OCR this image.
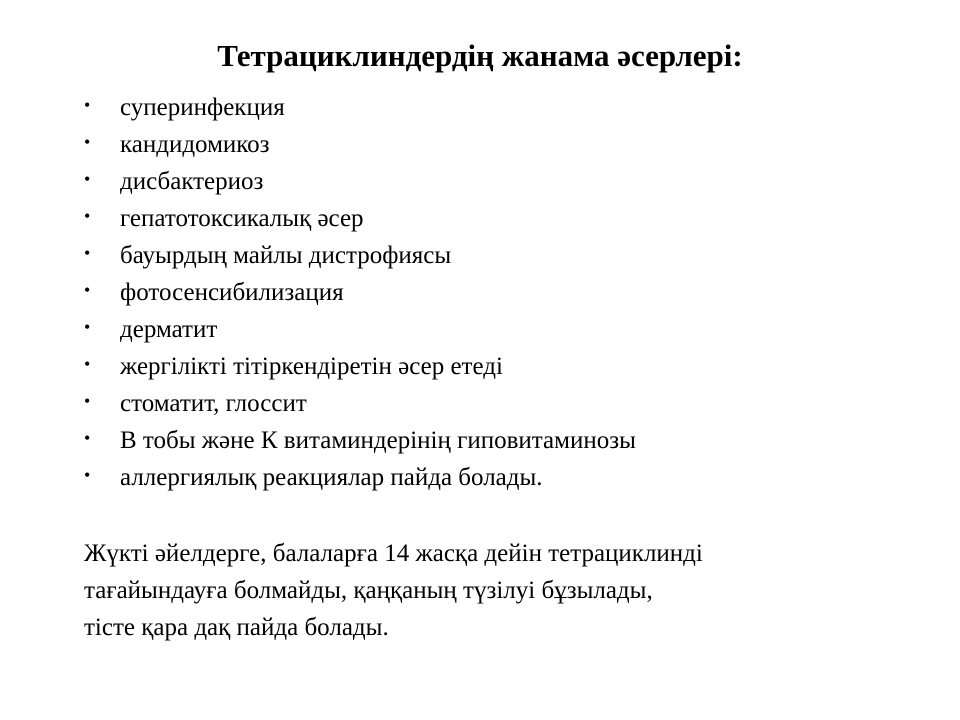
Тетрациклиндердің жанама әсерлері:
• суперинфекция
• кандидомикоз
• дисбактериоз
• гепатотоксикалық әсер
• бауырдың майлы дистрофиясы
• фотосенсибилизация
• дерматит
• жергілікті тітіркендіретін әсер етеді
• стоматит, глоссит
• В тобы және К витаминдерінің гиповитаминозы
• аллергиялық реакциялар пайда болады.
Жүкті әйелдерге, балаларға 14 жасқа дейін тетрациклинді
тағайындауға болмайды, қаңқаның түзілуі бұзылады,
тісте қара дақ пайда болады.
